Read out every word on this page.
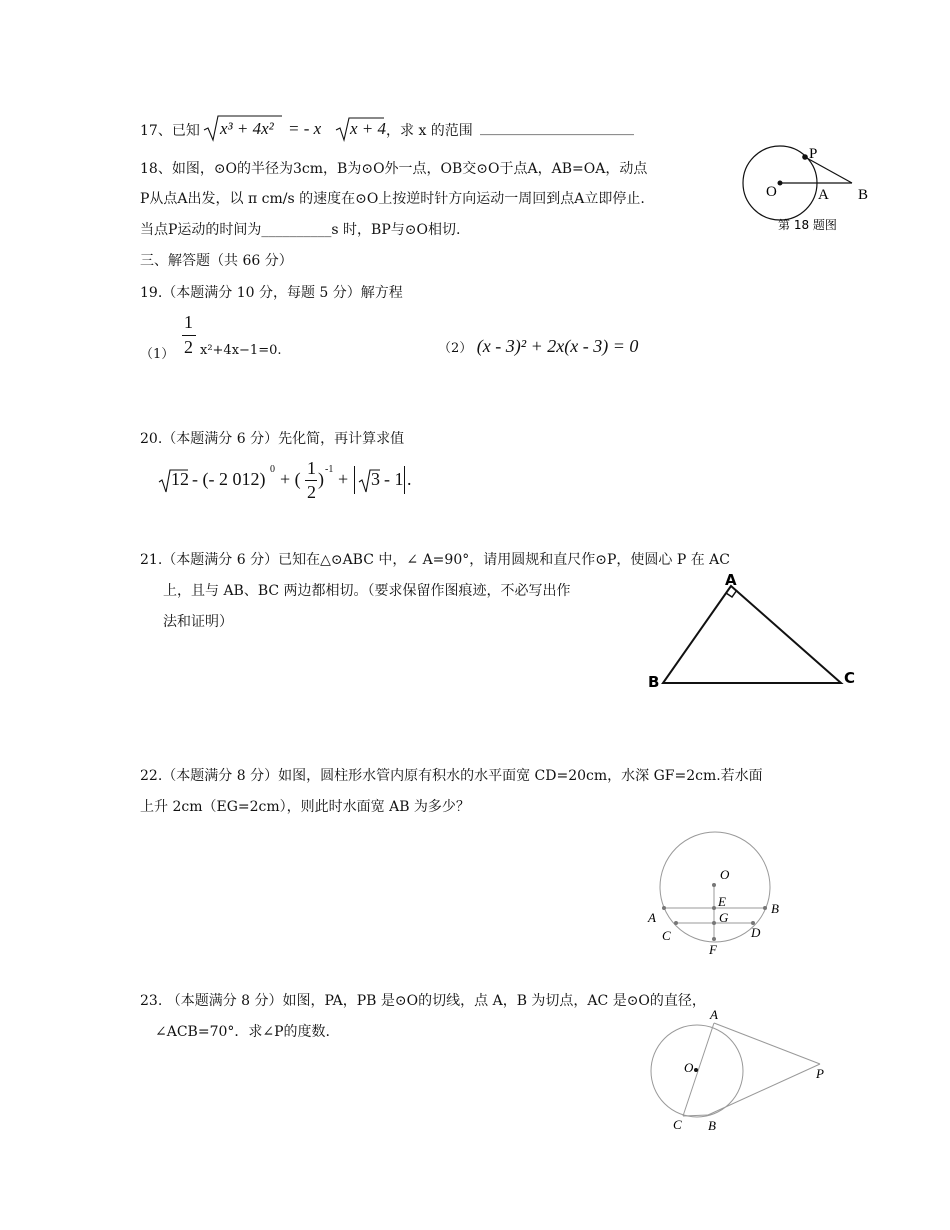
17、已知 x³ + 4x² = - x x + 4 ，求 x 的范围 ______________________
18、如图，⊙O的半径为3cm，B为⊙O外一点，OB交⊙O于点A，AB=OA，动点
P从点A出发，以 π cm/s 的速度在⊙O上按逆时针方向运动一周回到点A立即停止.
当点P运动的时间为__________s 时，BP与⊙O相切.
O	A B
P
第 18 题图
三、解答题（共 66 分）
19.（本题满分 10 分，每题 5 分）解方程
（1）
1
2 x²+4x−1=0.	（2） (x - 3)² + 2x(x - 3) = 0
20.（本题满分 6 分）先化简，再计算求值
12 - (- 2 012) 0 + (
1
2
) -1 + 3 - 1 .
21.（本题满分 6 分）已知在△⊙ABC 中，∠ A=90°，请用圆规和直尺作⊙P，使圆心 P 在 AC
上，且与 AB、BC 两边都相切。（要求保留作图痕迹，不必写出作
法和证明）
A
B	C
22.（本题满分 8 分）如图，圆柱形水管内原有积水的水平面宽 CD=20cm，水深 GF=2cm.若水面
上升 2cm（EG=2cm），则此时水面宽 AB 为多少？
O
E
A
B
G
C	D
F
23. （本题满分 8 分）如图，PA，PB 是⊙O的切线，点 A，B 为切点，AC 是⊙O的直径，
∠ACB=70°．求∠P的度数.
A
O	P
C B
